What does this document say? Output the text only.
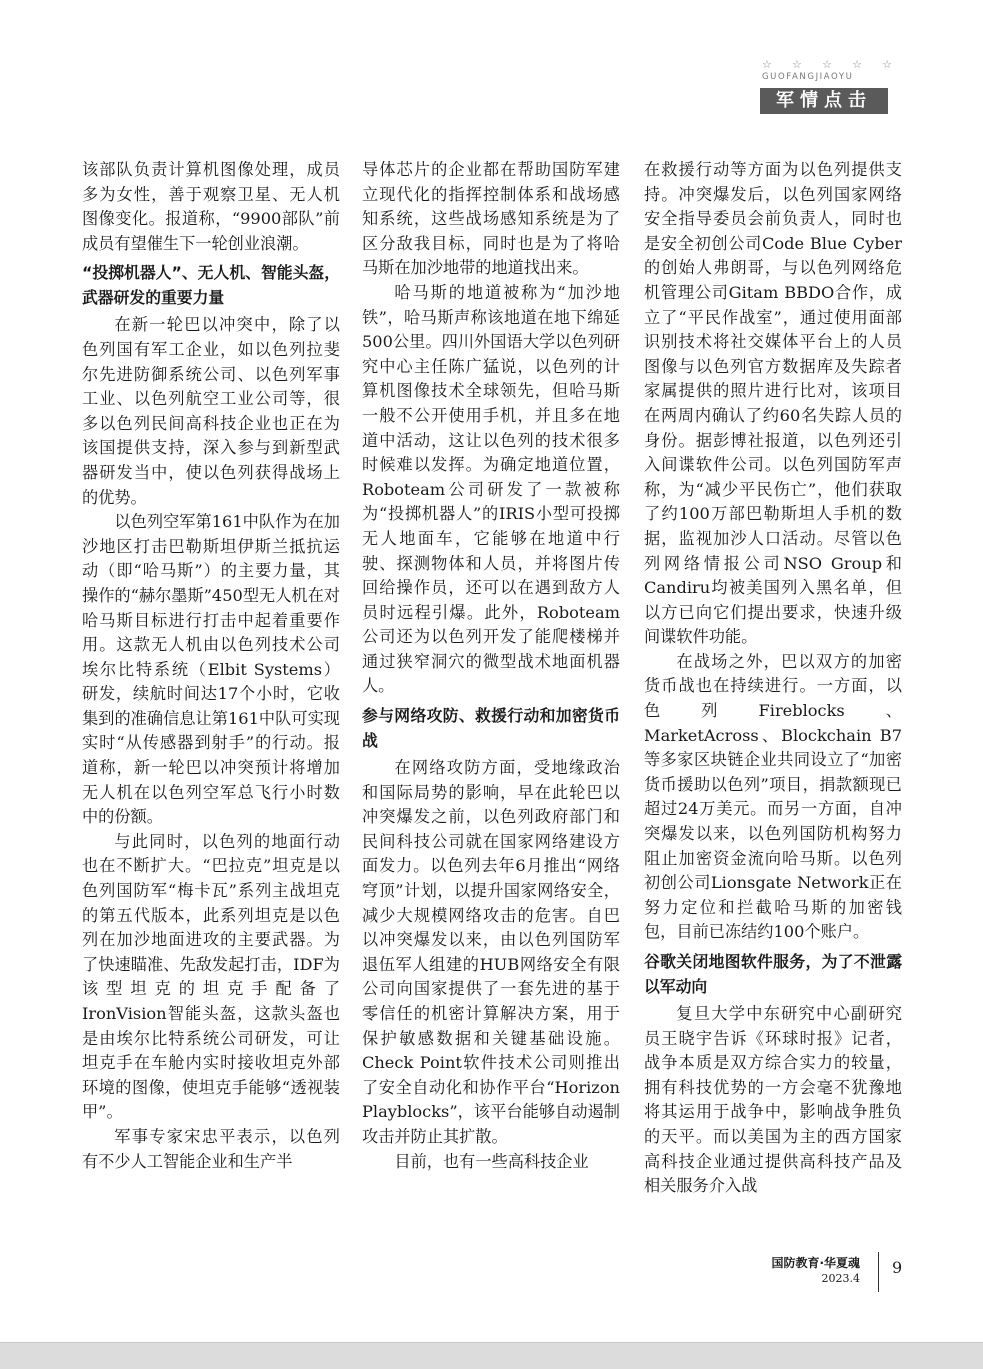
☆ ☆ ☆ ☆ ☆
GUOFANGJIAOYU
军情点击

该部队负责计算机图像处理，成员多为女性，善于观察卫星、无人机图像变化。报道称，“9900部队”前成员有望催生下一轮创业浪潮。

“投掷机器人”、无人机、智能头盔，武器研发的重要力量

在新一轮巴以冲突中，除了以色列国有军工企业，如以色列拉斐尔先进防御系统公司、以色列军事工业、以色列航空工业公司等，很多以色列民间高科技企业也正在为该国提供支持，深入参与到新型武器研发当中，使以色列获得战场上的优势。

以色列空军第161中队作为在加沙地区打击巴勒斯坦伊斯兰抵抗运动（即“哈马斯”）的主要力量，其操作的“赫尔墨斯”450型无人机在对哈马斯目标进行打击中起着重要作用。这款无人机由以色列技术公司埃尔比特系统（Elbit Systems）研发，续航时间达17个小时，它收集到的准确信息让第161中队可实现实时“从传感器到射手”的行动。报道称，新一轮巴以冲突预计将增加无人机在以色列空军总飞行小时数中的份额。

与此同时，以色列的地面行动也在不断扩大。“巴拉克”坦克是以色列国防军“梅卡瓦”系列主战坦克的第五代版本，此系列坦克是以色列在加沙地面进攻的主要武器。为了快速瞄准、先敌发起打击，IDF为该型坦克的坦克手配备了IronVision智能头盔，这款头盔也是由埃尔比特系统公司研发，可让坦克手在车舱内实时接收坦克外部环境的图像，使坦克手能够“透视装甲”。

军事专家宋忠平表示，以色列有不少人工智能企业和生产半

导体芯片的企业都在帮助国防军建立现代化的指挥控制体系和战场感知系统，这些战场感知系统是为了区分敌我目标，同时也是为了将哈马斯在加沙地带的地道找出来。

哈马斯的地道被称为“加沙地铁”，哈马斯声称该地道在地下绵延500公里。四川外国语大学以色列研究中心主任陈广猛说，以色列的计算机图像技术全球领先，但哈马斯一般不公开使用手机，并且多在地道中活动，这让以色列的技术很多时候难以发挥。为确定地道位置，Roboteam公司研发了一款被称为“投掷机器人”的IRIS小型可投掷无人地面车，它能够在地道中行驶、探测物体和人员，并将图片传回给操作员，还可以在遇到敌方人员时远程引爆。此外，Roboteam公司还为以色列开发了能爬楼梯并通过狭窄洞穴的微型战术地面机器人。

参与网络攻防、救援行动和加密货币战

在网络攻防方面，受地缘政治和国际局势的影响，早在此轮巴以冲突爆发之前，以色列政府部门和民间科技公司就在国家网络建设方面发力。以色列去年6月推出“网络穹顶”计划，以提升国家网络安全，减少大规模网络攻击的危害。自巴以冲突爆发以来，由以色列国防军退伍军人组建的HUB网络安全有限公司向国家提供了一套先进的基于零信任的机密计算解决方案，用于保护敏感数据和关键基础设施。Check Point软件技术公司则推出了安全自动化和协作平台“Horizon Playblocks”，该平台能够自动遏制攻击并防止其扩散。

目前，也有一些高科技企业

在救援行动等方面为以色列提供支持。冲突爆发后，以色列国家网络安全指导委员会前负责人，同时也是安全初创公司Code Blue Cyber的创始人弗朗哥，与以色列网络危机管理公司Gitam BBDO合作，成立了“平民作战室”，通过使用面部识别技术将社交媒体平台上的人员图像与以色列官方数据库及失踪者家属提供的照片进行比对，该项目在两周内确认了约60名失踪人员的身份。据彭博社报道，以色列还引入间谍软件公司。以色列国防军声称，为“减少平民伤亡”，他们获取了约100万部巴勒斯坦人手机的数据，监视加沙人口活动。尽管以色列网络情报公司NSO Group和Candiru均被美国列入黑名单，但以方已向它们提出要求，快速升级间谍软件功能。

在战场之外，巴以双方的加密货币战也在持续进行。一方面，以色列Fireblocks、MarketAcross、Blockchain B7等多家区块链企业共同设立了“加密货币援助以色列”项目，捐款额现已超过24万美元。而另一方面，自冲突爆发以来，以色列国防机构努力阻止加密资金流向哈马斯。以色列初创公司Lionsgate Network正在努力定位和拦截哈马斯的加密钱包，目前已冻结约100个账户。

谷歌关闭地图软件服务，为了不泄露以军动向

复旦大学中东研究中心副研究员王晓宇告诉《环球时报》记者，战争本质是双方综合实力的较量，拥有科技优势的一方会毫不犹豫地将其运用于战争中，影响战争胜负的天平。而以美国为主的西方国家高科技企业通过提供高科技产品及相关服务介入战

国防教育·华夏魂
2023.4
9
